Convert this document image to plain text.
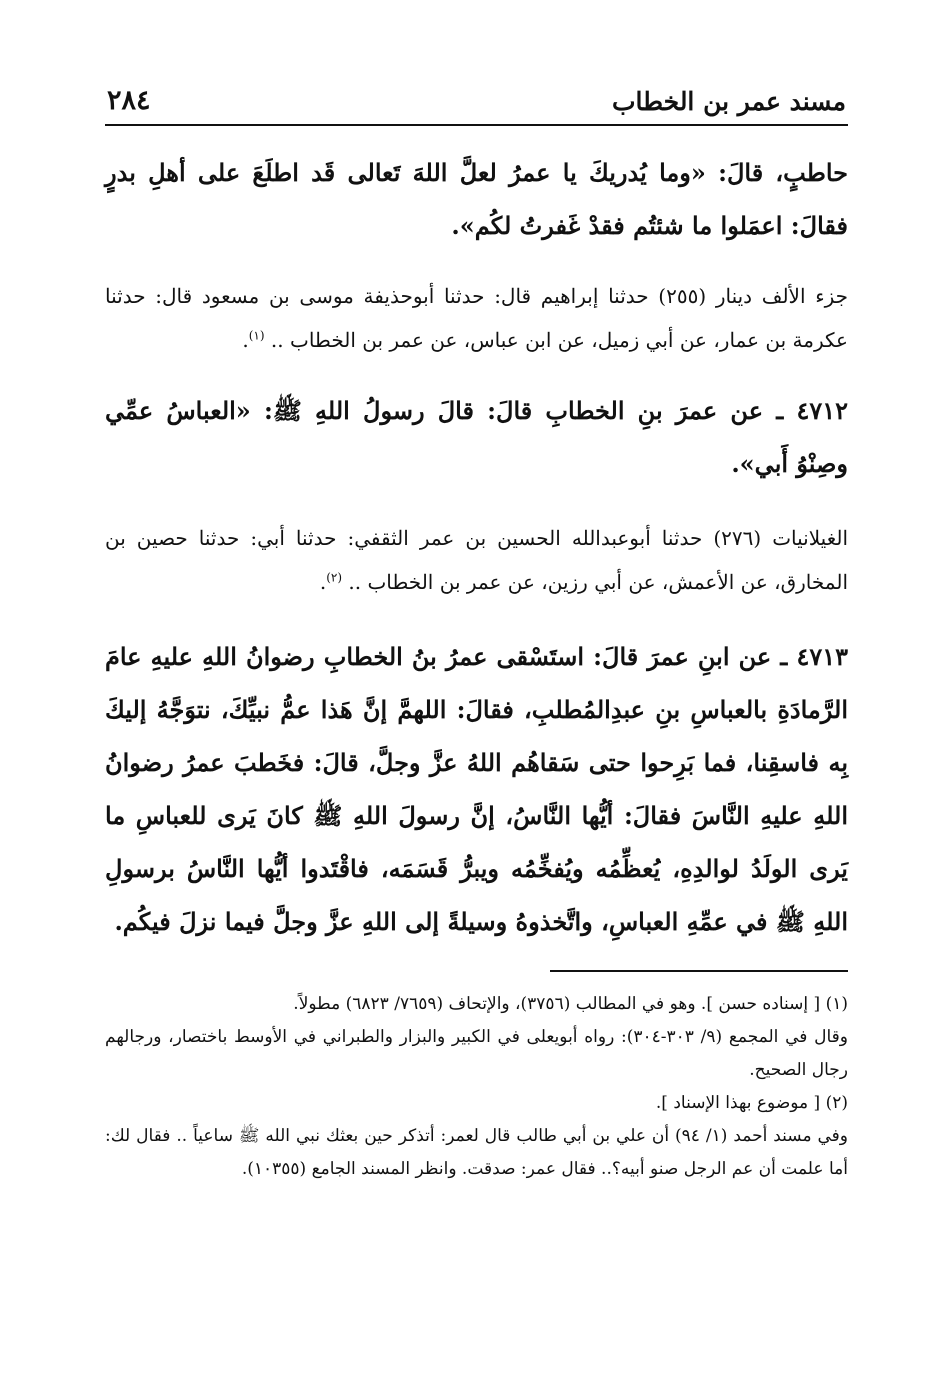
مسند عمر بن الخطاب
٢٨٤

حاطبٍ، قالَ: «وما يُدريكَ يا عمرُ لعلَّ اللهَ تَعالى قَد اطلَعَ على أهلِ بدرٍ فقالَ: اعمَلوا ما شئتُم فقدْ غَفرتُ لكُم».

جزء الألف دينار (٢٥٥) حدثنا إبراهيم قال: حدثنا أبوحذيفة موسى بن مسعود قال: حدثنا عكرمة بن عمار، عن أبي زميل، عن ابن عباس، عن عمر بن الخطاب .. $^{(١)}$.

٤٧١٢ ـ عن عمرَ بنِ الخطابِ قالَ: قالَ رسولُ اللهِ ﷺ: «العباسُ عمِّي وصِنْوُ أَبي».

الغيلانيات (٢٧٦) حدثنا أبوعبدالله الحسين بن عمر الثقفي: حدثنا أبي: حدثنا حصين بن المخارق، عن الأعمش، عن أبي رزين، عن عمر بن الخطاب .. $^{(٢)}$.

٤٧١٣ ـ عن ابنِ عمرَ قالَ: استَسْقى عمرُ بنُ الخطابِ رضوانُ اللهِ عليهِ عامَ الرَّمادَةِ بالعباسِ بنِ عبدِالمُطلبِ، فقالَ: اللهمَّ إنَّ هَذا عمُّ نبيِّكَ، نتوَجَّهُ إليكَ بِه فاسقِنا، فما بَرِحوا حتى سَقاهُم اللهُ عزَّ وجلَّ، قالَ: فخَطبَ عمرُ رضوانُ اللهِ عليهِ النَّاسَ فقالَ: أيُّها النَّاسُ، إنَّ رسولَ اللهِ ﷺ كانَ يَرى للعباسِ ما يَرى الولَدُ لوالدِهِ، يُعظِّمُه ويُفخِّمُه ويبرُّ قَسَمَه، فاقْتَدوا أيُّها النَّاسُ برسولِ اللهِ ﷺ في عمِّهِ العباسِ، واتَّخذوهُ وسيلةً إلى اللهِ عزَّ وجلَّ فيما نزلَ فيكُم.

(١) [ إسناده حسن ]. وهو في المطالب (٣٧٥٦)، والإتحاف (٧٦٥٩/ ٦٨٢٣) مطولاً.

وقال في المجمع (٩/ ٣٠٣-٣٠٤): رواه أبويعلى في الكبير والبزار والطبراني في الأوسط باختصار، ورجالهم رجال الصحيح.

(٢) [ موضوع بهذا الإسناد ].

وفي مسند أحمد (١/ ٩٤) أن علي بن أبي طالب قال لعمر: أتذكر حين بعثك نبي الله ﷺ ساعياً .. فقال لك: أما علمت أن عم الرجل صنو أبيه؟.. فقال عمر: صدقت. وانظر المسند الجامع (١٠٣٥٥).
